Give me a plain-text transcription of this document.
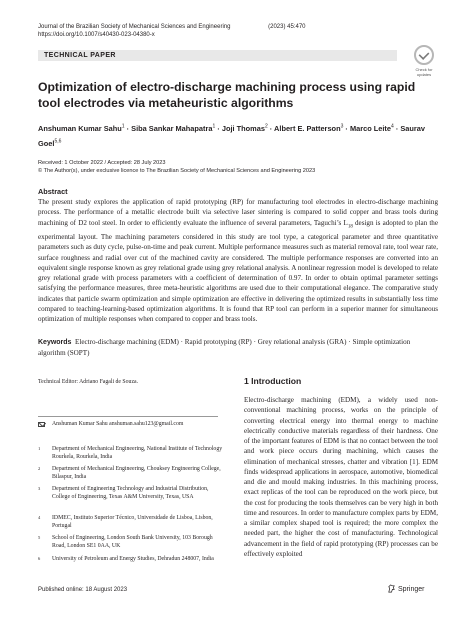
Journal of the Brazilian Society of Mechanical Sciences and Engineering	(2023) 45:470
https://doi.org/10.1007/s40430-023-04380-x
TECHNICAL PAPER
Check for updates
Optimization of electro-discharge machining process using rapid tool electrodes via metaheuristic algorithms
Anshuman Kumar Sahu$^1$ · Siba Sankar Mahapatra$^1$ · Joji Thomas$^2$ · Albert E. Patterson$^3$ · Marco Leite$^4$ · Saurav Goel$^{5,6}$
Received: 1 October 2022 / Accepted: 28 July 2023
© The Author(s), under exclusive licence to The Brazilian Society of Mechanical Sciences and Engineering 2023
Abstract
The present study explores the application of rapid prototyping (RP) for manufacturing tool electrodes in electro-discharge machining process. The performance of a metallic electrode built via selective laser sintering is compared to solid copper and brass tools during machining of D2 tool steel. In order to efficiently evaluate the influence of several parameters, Taguchi’s $L_{18}$ design is adopted to plan the experimental layout. The machining parameters considered in this study are tool type, a categorical parameter and three quantitative parameters such as duty cycle, pulse-on-time and peak current. Multiple performance measures such as material removal rate, tool wear rate, surface roughness and radial over cut of the machined cavity are considered. The multiple performance responses are converted into an equivalent single response known as grey relational grade using grey relational analysis. A nonlinear regression model is developed to relate grey relational grade with process parameters with a coefficient of determination of 0.97. In order to obtain optimal parameter settings satisfying the performance measures, three meta-heuristic algorithms are used due to their computational elegance. The comparative study indicates that particle swarm optimization and simple optimization are effective in delivering the optimized results in substantially less time compared to teaching-learning-based optimization algorithms. It is found that RP tool can perform in a superior manner for simultaneous optimization of multiple responses when compared to copper and brass tools.
Keywords Electro-discharge machining (EDM) · Rapid prototyping (RP) · Grey relational analysis (GRA) · Simple optimization algorithm (SOPT)
Technical Editor: Adriano Fagali de Souza.
Anshuman Kumar Sahu anshuman.sahu123@gmail.com
1 Department of Mechanical Engineering, National Institute of Technology Rourkela, Rourkela, India
2 Department of Mechanical Engineering, Chouksey Engineering College, Bilaspur, India
3 Department of Engineering Technology and Industrial Distribution, College of Engineering, Texas A&M University, Texas, USA
4 IDMEC, Instituto Superior Técnico, Universidade de Lisboa, Lisbon, Portugal
5 School of Engineering, London South Bank University, 103 Borough Road, London SE1 0AA, UK
6 University of Petroleum and Energy Studies, Dehradun 248007, India
1 Introduction
Electro-discharge machining (EDM), a widely used non-conventional machining process, works on the principle of converting electrical energy into thermal energy to machine electrically conductive materials regardless of their hardness. One of the important features of EDM is that no contact between the tool and work piece occurs during machining, which causes the elimination of mechanical stresses, chatter and vibration [1]. EDM finds widespread applications in aerospace, automotive, biomedical and die and mould making industries. In this machining process, exact replicas of the tool can be reproduced on the work piece, but the cost for producing the tools themselves can be very high in both time and resources. In order to manufacture complex parts by EDM, a similar complex shaped tool is required; the more complex the needed part, the higher the cost of manufacturing. Technological advancement in the field of rapid prototyping (RP) processes can be effectively exploited
Published online: 18 August 2023	Springer
